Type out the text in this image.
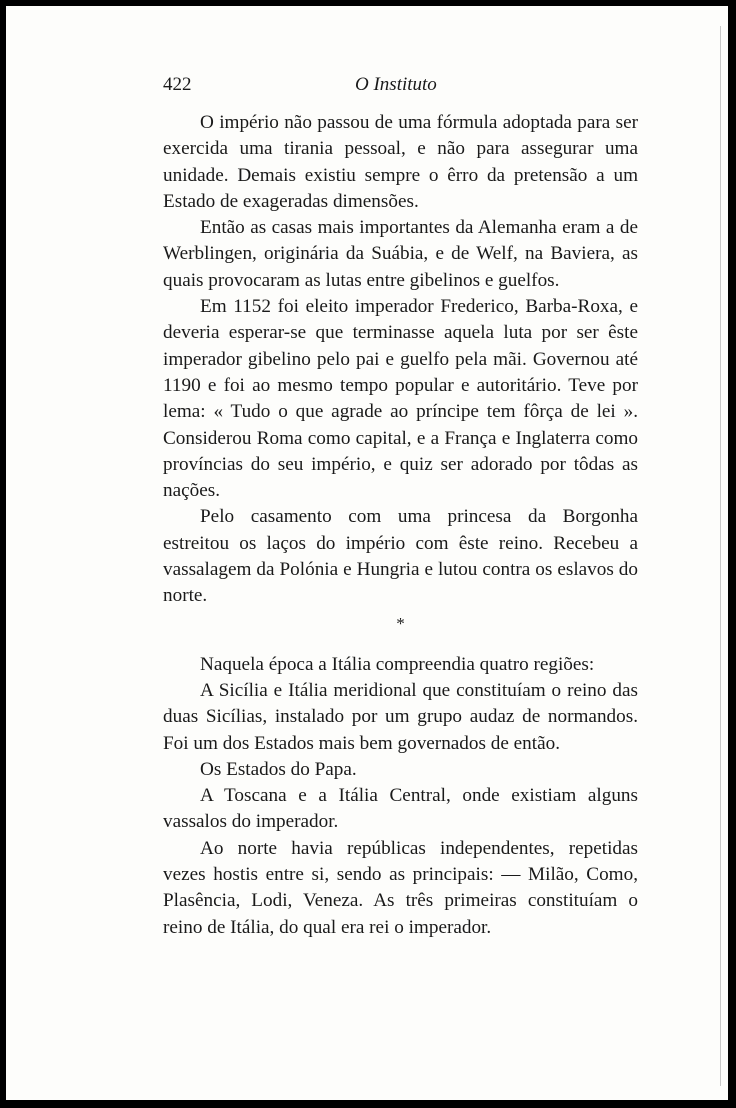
422	O Instituto

O império não passou de uma fórmula adoptada para ser exercida uma tirania pessoal, e não para assegurar uma unidade. Demais existiu sempre o êrro da pretensão a um Estado de exageradas dimensões.

Então as casas mais importantes da Alemanha eram a de Werblingen, originária da Suábia, e de Welf, na Baviera, as quais provocaram as lutas entre gibelinos e guelfos.

Em 1152 foi eleito imperador Frederico, Barba-Roxa, e deveria esperar-se que terminasse aquela luta por ser êste imperador gibelino pelo pai e guelfo pela mãi. Governou até 1190 e foi ao mesmo tempo popular e autoritário. Teve por lema: « Tudo o que agrade ao príncipe tem fôrça de lei ». Considerou Roma como capital, e a França e Inglaterra como províncias do seu império, e quiz ser adorado por tôdas as nações.

Pelo casamento com uma princesa da Borgonha estreitou os laços do império com êste reino. Recebeu a vassalagem da Polónia e Hungria e lutou contra os eslavos do norte.

*

Naquela época a Itália compreendia quatro regiões:

A Sicília e Itália meridional que constituíam o reino das duas Sicílias, instalado por um grupo audaz de normandos. Foi um dos Estados mais bem governados de então.

Os Estados do Papa.

A Toscana e a Itália Central, onde existiam alguns vassalos do imperador.

Ao norte havia repúblicas independentes, repetidas vezes hostis entre si, sendo as principais: — Milão, Como, Plasência, Lodi, Veneza. As três primeiras constituíam o reino de Itália, do qual era rei o imperador.
